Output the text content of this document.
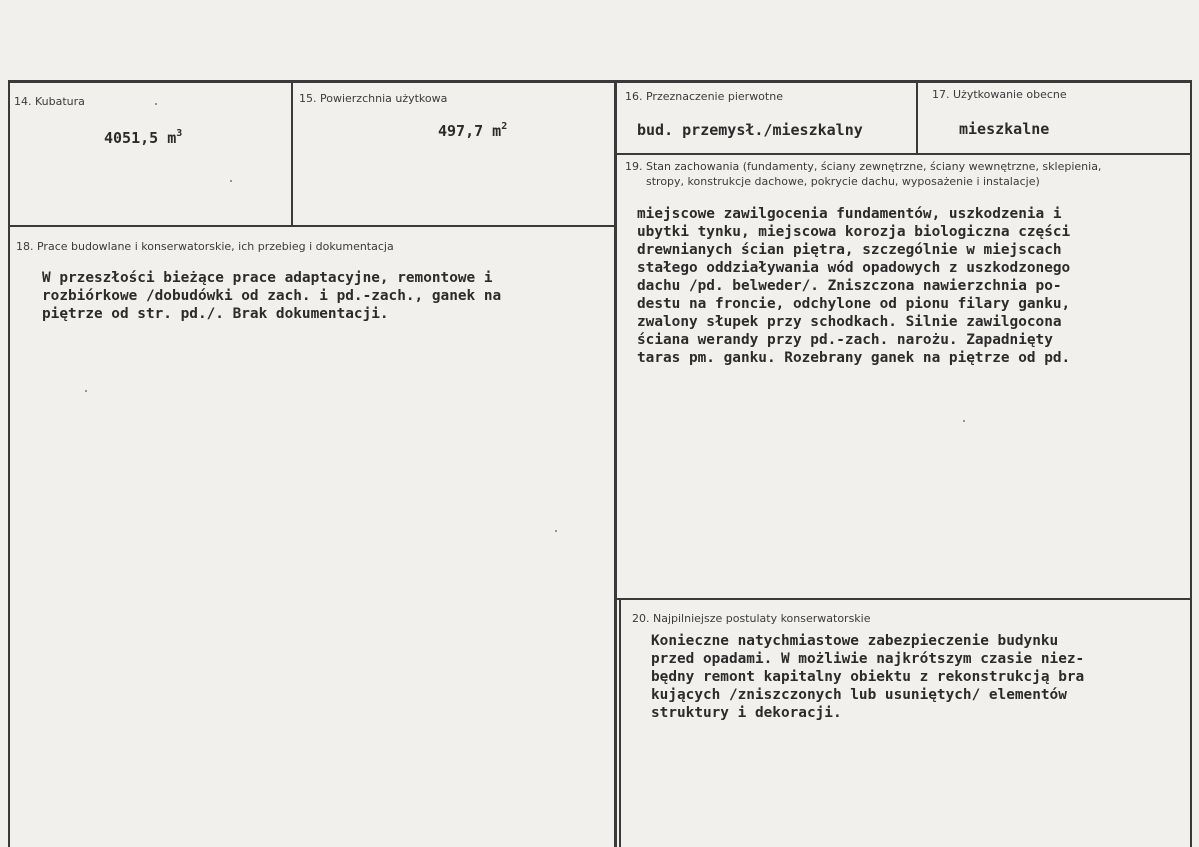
14. Kubatura
4051,5 $m^3$
15. Powierzchnia użytkowa
497,7 $m^2$
16. Przeznaczenie pierwotne
bud. przemysł./mieszkalny
17. Użytkowanie obecne
mieszkalne
18. Prace budowlane i konserwatorskie, ich przebieg i dokumentacja
W przeszłości bieżące prace adaptacyjne, remontowe i
rozbiórkowe /dobudówki od zach. i pd.-zach., ganek na
piętrze od str. pd./. Brak dokumentacji.
19. Stan zachowania (fundamenty, ściany zewnętrzne, ściany wewnętrzne, sklepienia,
stropy, konstrukcje dachowe, pokrycie dachu, wyposażenie i instalacje)
miejscowe zawilgocenia fundamentów, uszkodzenia i
ubytki tynku, miejscowa korozja biologiczna części
drewnianych ścian piętra, szczególnie w miejscach
stałego oddziaływania wód opadowych z uszkodzonego
dachu /pd. belweder/. Zniszczona nawierzchnia po-
destu na froncie, odchylone od pionu filary ganku,
zwalony słupek przy schodkach. Silnie zawilgocona
ściana werandy przy pd.-zach. narożu. Zapadnięty
taras pm. ganku. Rozebrany ganek na piętrze od pd.
20. Najpilniejsze postulaty konserwatorskie
Konieczne natychmiastowe zabezpieczenie budynku
przed opadami. W możliwie najkrótszym czasie niez-
będny remont kapitalny obiektu z rekonstrukcją bra
kujących /zniszczonych lub usuniętych/ elementów
struktury i dekoracji.
